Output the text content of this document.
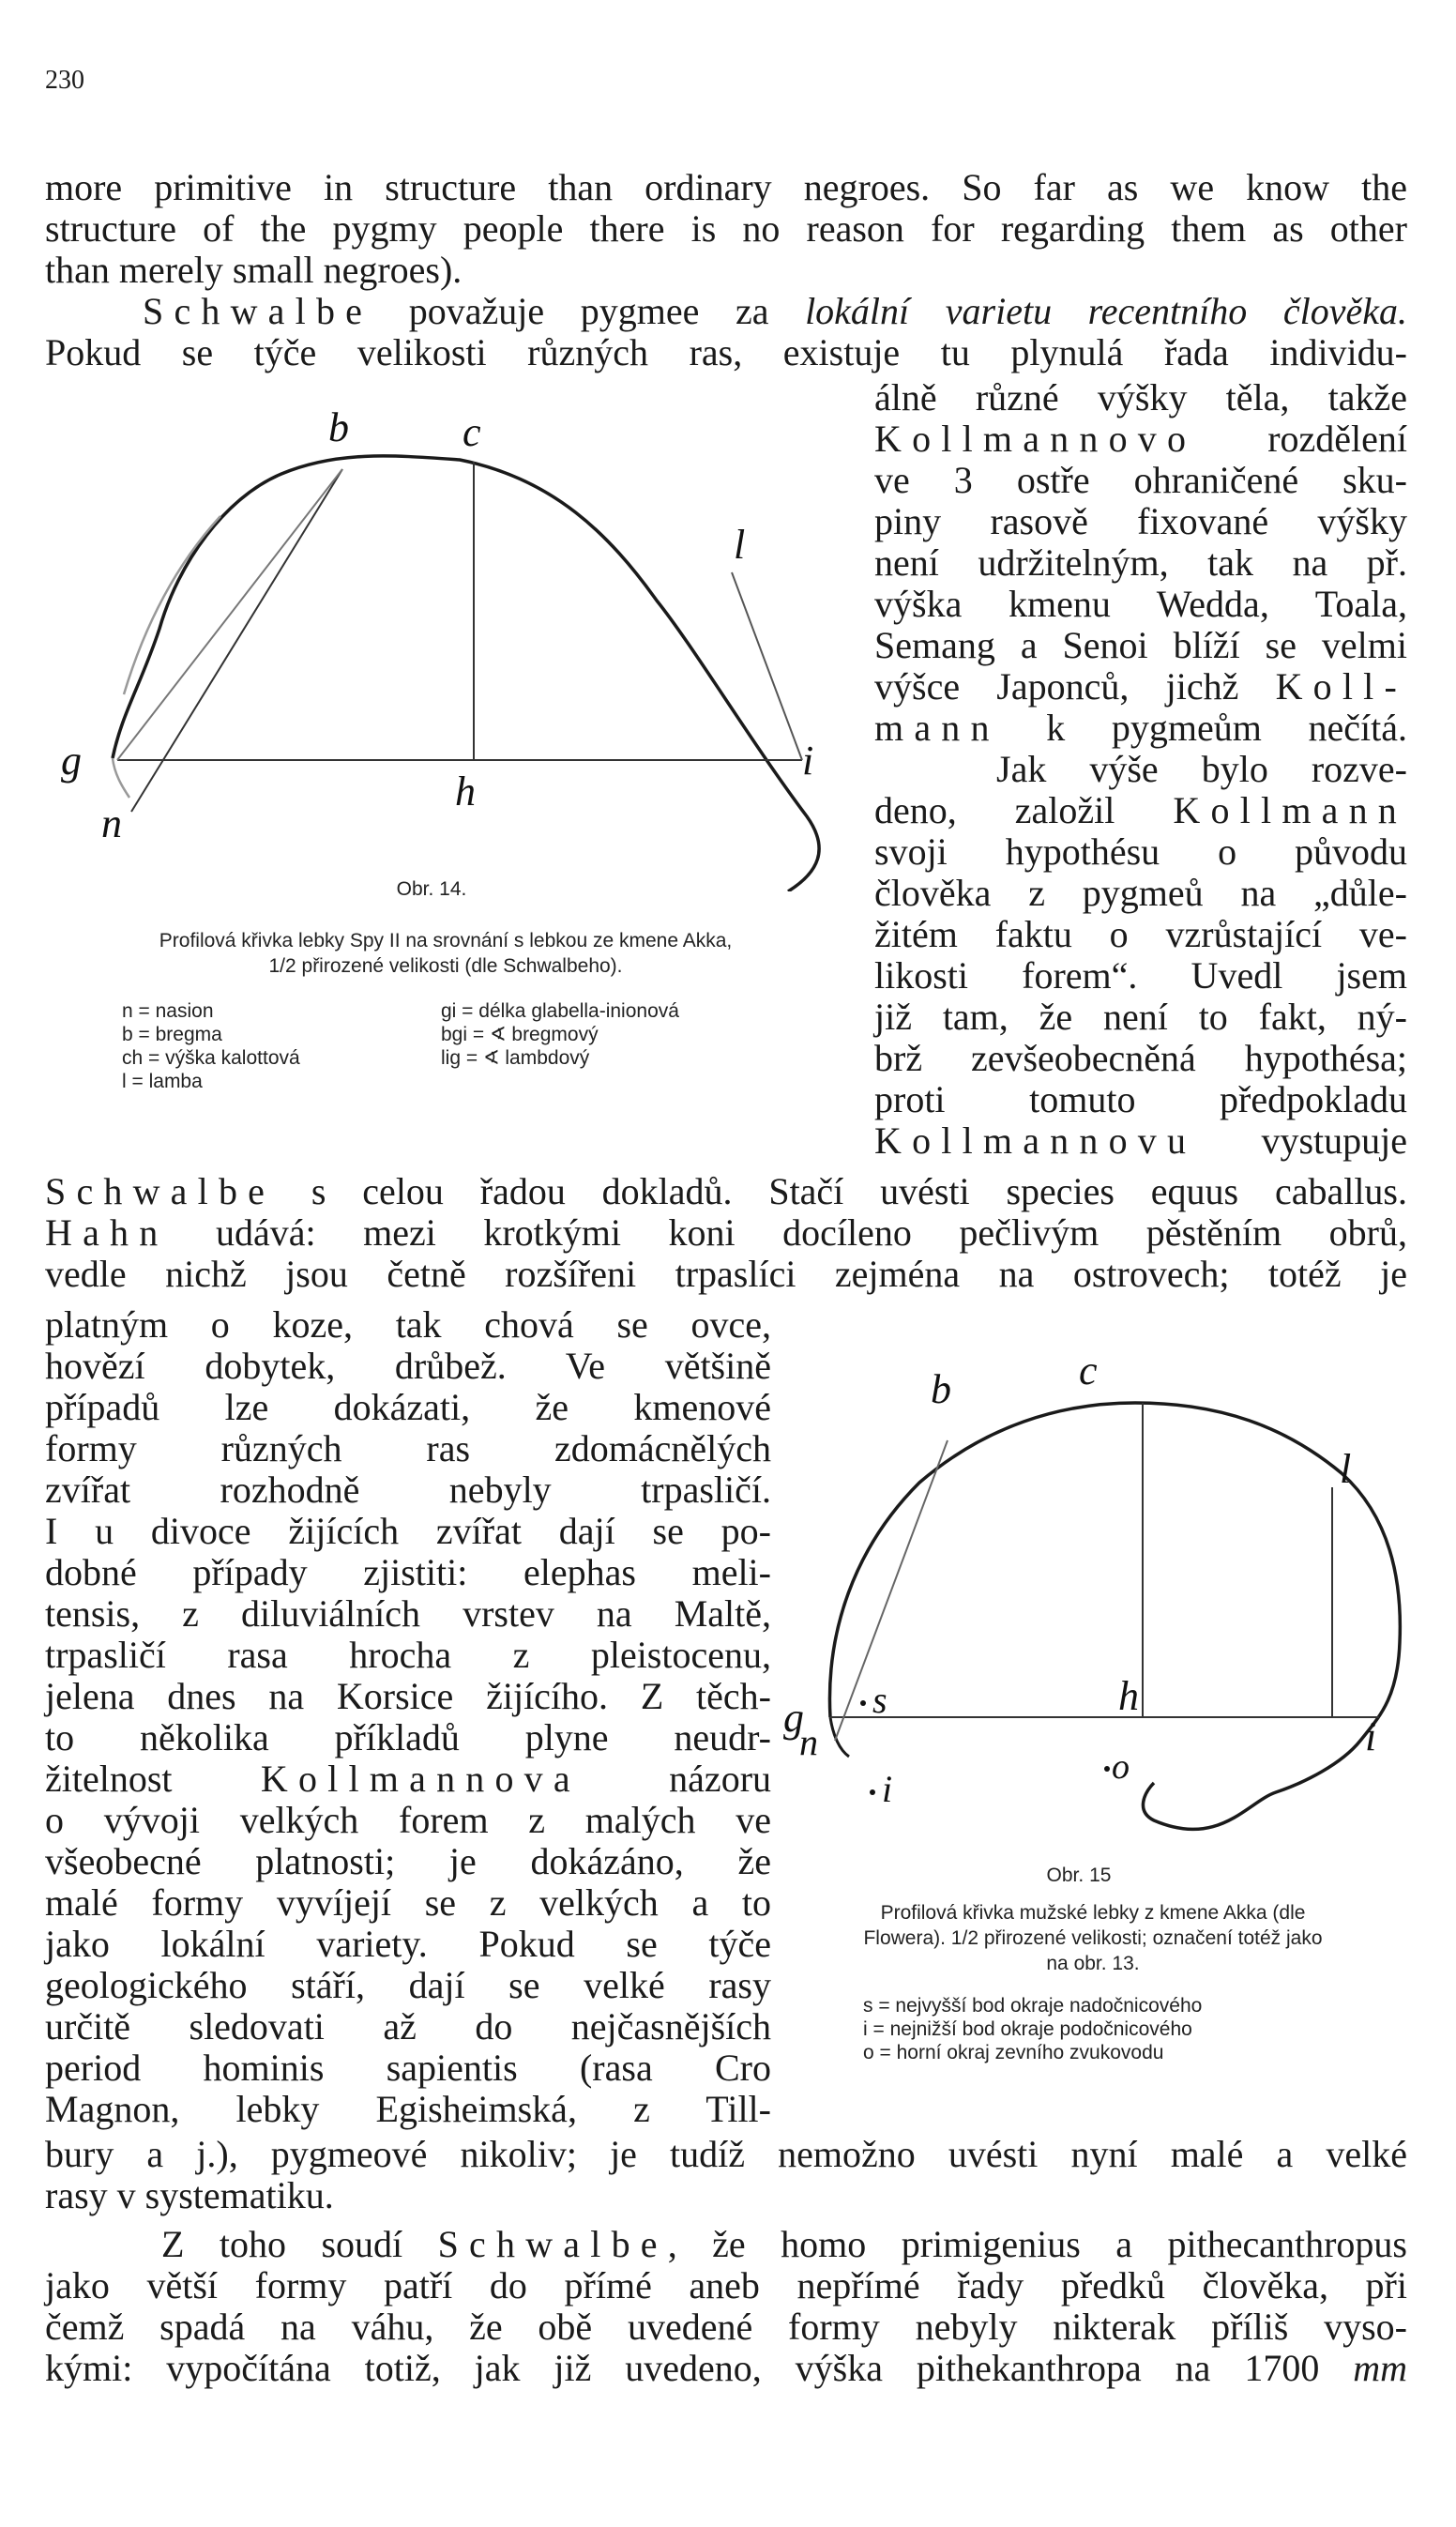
230
more primitive in structure than ordinary negroes. So far as we know the
structure of the pygmy people there is no reason for regarding them as other
than merely small negroes).
Schwalbe považuje pygmee za lokální varietu recentního člověka.
Pokud se týče velikosti různých ras, existuje tu plynulá řada individu-
álně různé výšky těla, takže
Kollmannovo rozdělení
ve 3 ostře ohraničené sku-
piny rasově fixované výšky
není udržitelným, tak na př.
výška kmenu Wedda, Toala,
Semang a Senoi blíží se velmi
výšce Japonců, jichž Koll-
mann k pygmeům nečítá.
Jak výše bylo rozve-
deno, založil Kollmann
svoji hypothésu o původu
člověka z pygmeů na „důle-
žitém faktu o vzrůstající ve-
likosti forem“. Uvedl jsem
již tam, že není to fakt, ný-
brž zevšeobecněná hypothésa;
proti tomuto předpokladu
Kollmannovu vystupuje
b	c
l
g
n
h
i
Obr. 14.
Profilová křivka lebky Spy II na srovnání s lebkou ze kmene Akka,
1/2 přirozené velikosti (dle Schwalbeho).
n = nasion
b = bregma
ch = výška kalottová
l = lamba
gi = délka glabella-inionová
bgi = ∢ bregmový
lig = ∢ lambdový
Schwalbe s celou řadou dokladů. Stačí uvésti species equus caballus.
Hahn udává: mezi krotkými koni docíleno pečlivým pěstěním obrů,
vedle nichž jsou četně rozšířeni trpaslíci zejména na ostrovech; totéž je
platným o koze, tak chová se ovce,
hovězí dobytek, drůbež. Ve většině
případů lze dokázati, že kmenové
formy různých ras zdomácnělých
zvířat rozhodně nebyly trpasličí.
I u divoce žijících zvířat dají se po-
dobné případy zjistiti: elephas meli-
tensis, z diluviálních vrstev na Maltě,
trpasličí rasa hrocha z pleistocenu,
jelena dnes na Korsice žijícího. Z těch-
to několika příkladů plyne neudr-
žitelnost Kollmannova názoru
o vývoji velkých forem z malých ve
všeobecné platnosti; je dokázáno, že
malé formy vyvíjejí se z velkých a to
jako lokální variety. Pokud se týče
geologického stáří, dají se velké rasy
určitě sledovati až do nejčasnějších
period hominis sapientis (rasa Cro
Magnon, lebky Egisheimská, z Till-
c
b
l
g
n
s	h
o
i
i
Obr. 15
Profilová křivka mužské lebky z kmene Akka (dle
Flowera). 1/2 přirozené velikosti; označení totéž jako
na obr. 13.
s = nejvyšší bod okraje nadočnicového
i = nejnižší bod okraje podočnicového
o = horní okraj zevního zvukovodu
bury a j.), pygmeové nikoliv; je tudíž nemožno uvésti nyní malé a velké
rasy v systematiku.
Z toho soudí Schwalbe, že homo primigenius a pithecanthropus
jako větší formy patří do přímé aneb nepřímé řady předků člověka, při
čemž spadá na váhu, že obě uvedené formy nebyly nikterak příliš vyso-
kými: vypočítána totiž, jak již uvedeno, výška pithekanthropa na 1700 mm
